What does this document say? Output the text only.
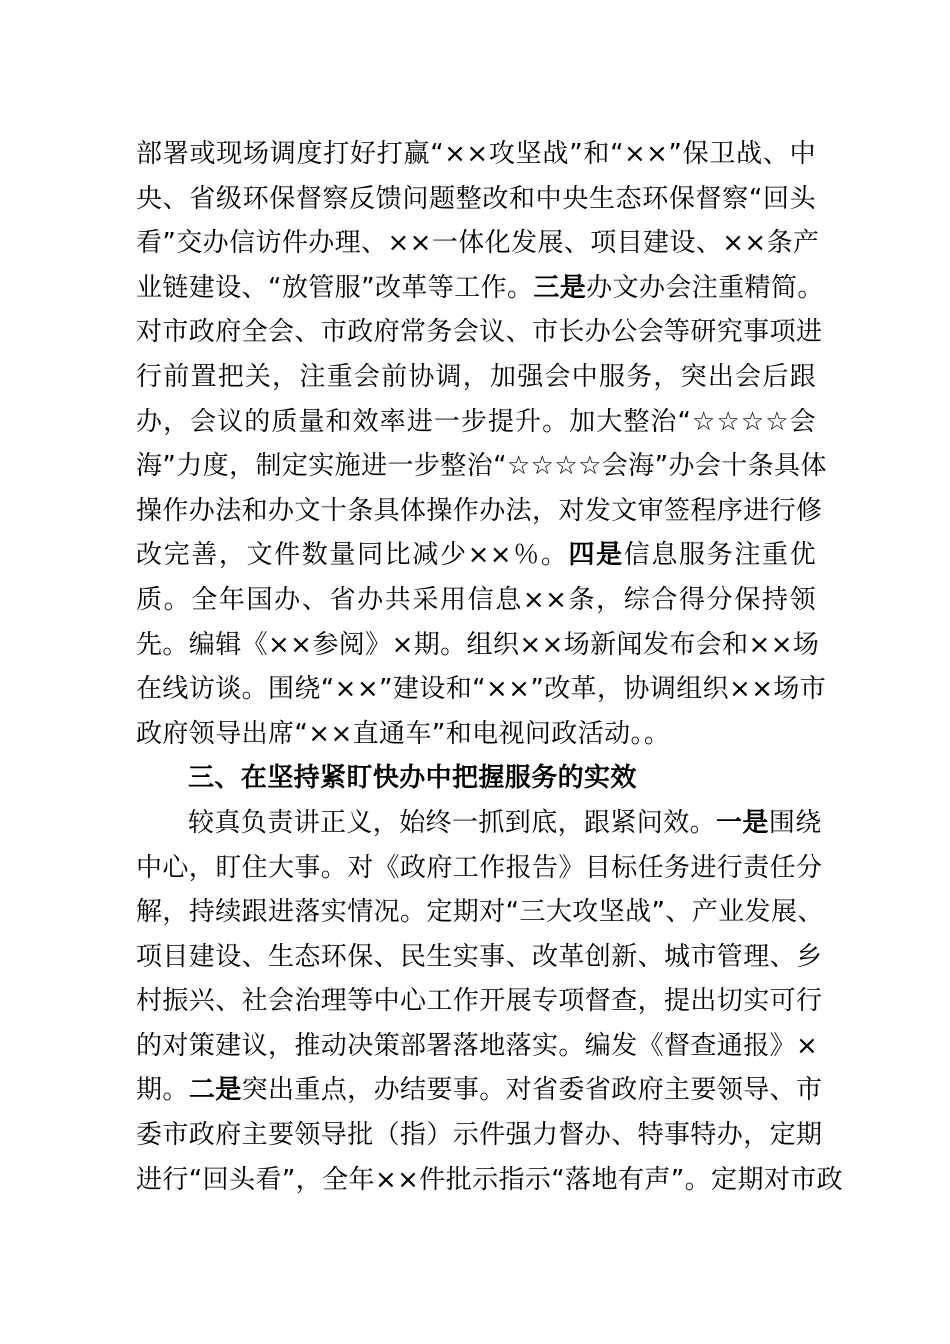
部署或现场调度打好打赢“××攻坚战”和“××”保卫战、中
央、省级环保督察反馈问题整改和中央生态环保督察“回头
看”交办信访件办理、××一体化发展、项目建设、××条产
业链建设、“放管服”改革等工作。三是办文办会注重精简。
对市政府全会、市政府常务会议、市长办公会等研究事项进
行前置把关，注重会前协调，加强会中服务，突出会后跟
办，会议的质量和效率进一步提升。加大整治“☆☆☆☆会
海”力度，制定实施进一步整治“☆☆☆☆会海”办会十条具体
操作办法和办文十条具体操作办法，对发文审签程序进行修
改完善，文件数量同比减少××％。四是信息服务注重优
质。全年国办、省办共采用信息××条，综合得分保持领
先。编辑《××参阅》×期。组织××场新闻发布会和××场
在线访谈。围绕“××”建设和“××”改革，协调组织××场市
政府领导出席“××直通车”和电视问政活动。。
三、在坚持紧盯快办中把握服务的实效
较真负责讲正义，始终一抓到底，跟紧问效。一是围绕
中心，盯住大事。对《政府工作报告》目标任务进行责任分
解，持续跟进落实情况。定期对“三大攻坚战”、产业发展、
项目建设、生态环保、民生实事、改革创新、城市管理、乡
村振兴、社会治理等中心工作开展专项督查，提出切实可行
的对策建议，推动决策部署落地落实。编发《督查通报》×
期。二是突出重点，办结要事。对省委省政府主要领导、市
委市政府主要领导批（指）示件强力督办、特事特办，定期
进行“回头看”，全年××件批示指示“落地有声”。定期对市政
